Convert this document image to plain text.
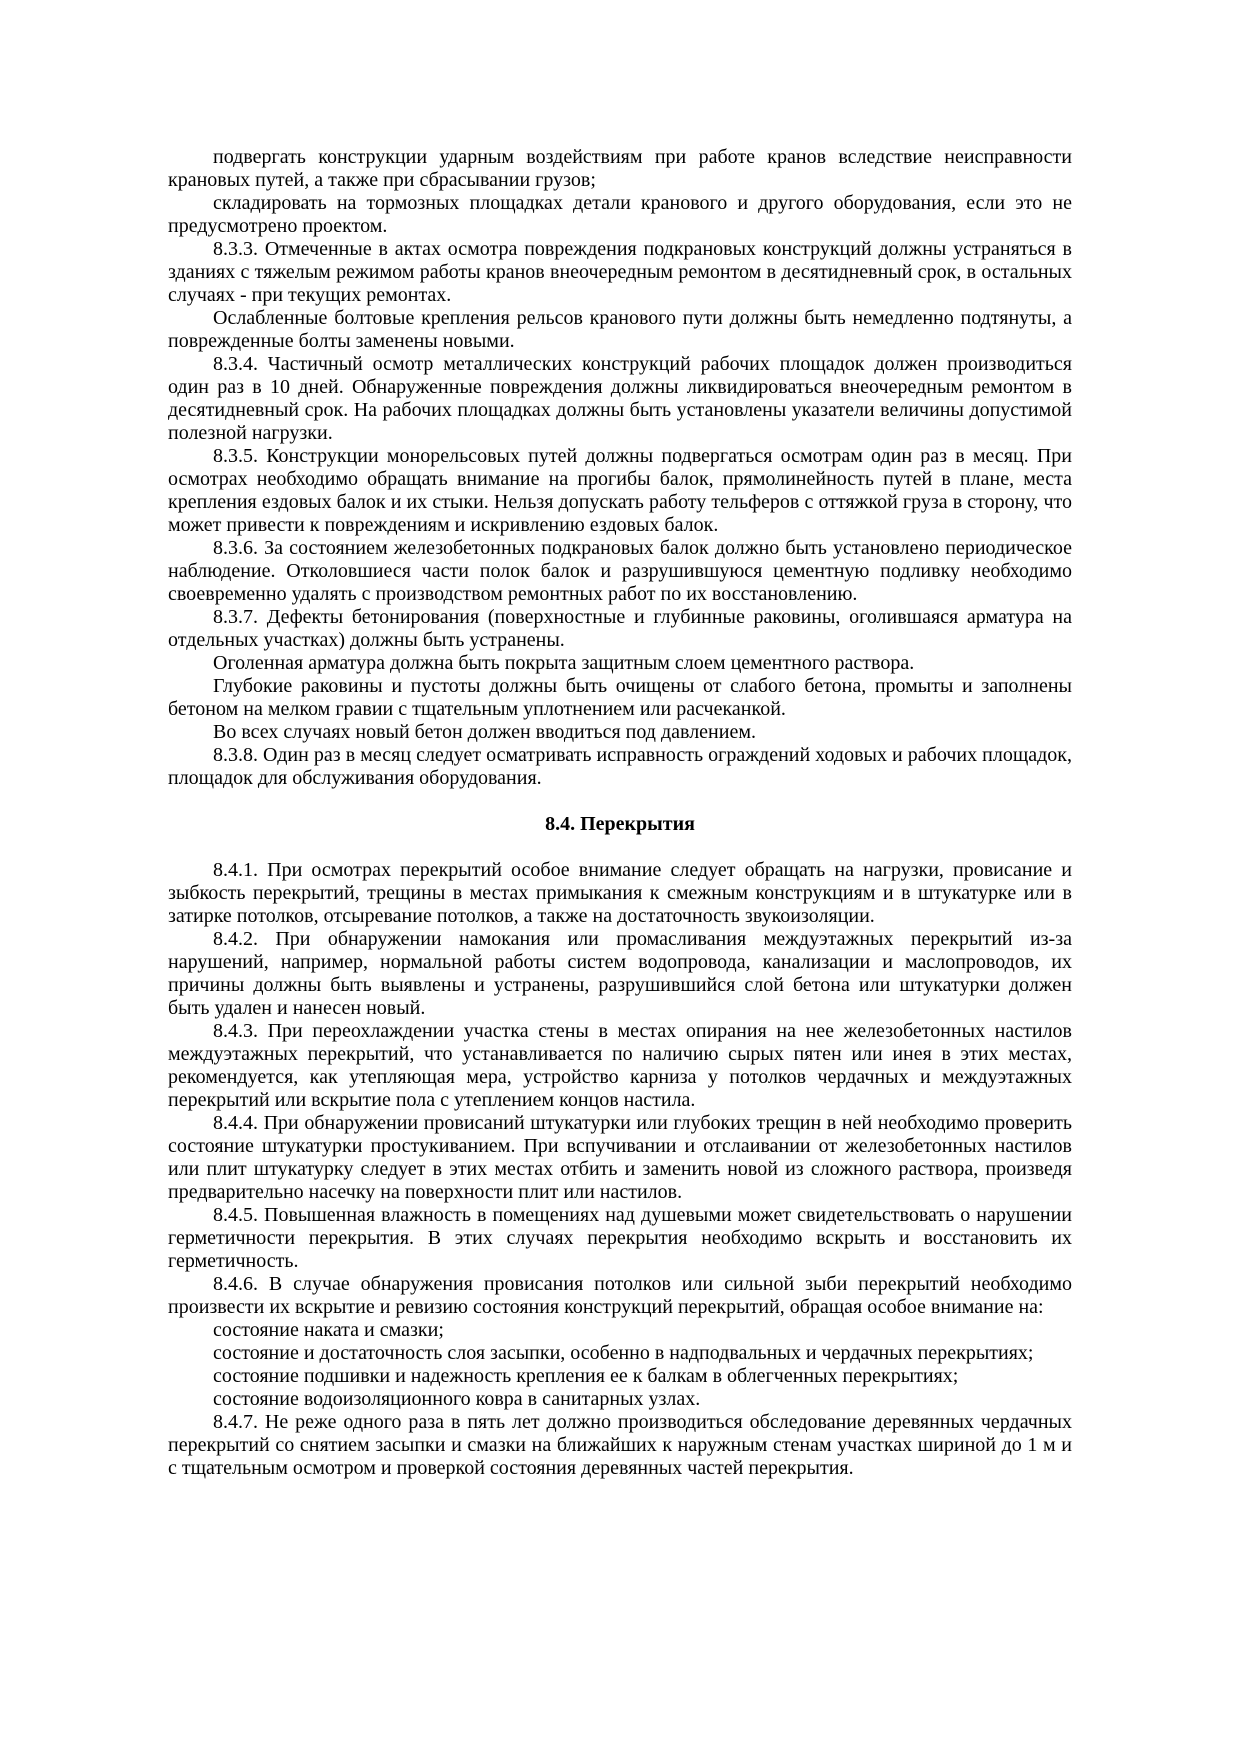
подвергать конструкции ударным воздействиям при работе кранов вследствие неисправности крановых путей, а также при сбрасывании грузов;

складировать на тормозных площадках детали кранового и другого оборудования, если это не предусмотрено проектом.

8.3.3. Отмеченные в актах осмотра повреждения подкрановых конструкций должны устраняться в зданиях с тяжелым режимом работы кранов внеочередным ремонтом в десятидневный срок, в остальных случаях - при текущих ремонтах.

Ослабленные болтовые крепления рельсов кранового пути должны быть немедленно подтянуты, а поврежденные болты заменены новыми.

8.3.4. Частичный осмотр металлических конструкций рабочих площадок должен производиться один раз в 10 дней. Обнаруженные повреждения должны ликвидироваться внеочередным ремонтом в десятидневный срок. На рабочих площадках должны быть установлены указатели величины допустимой полезной нагрузки.

8.3.5. Конструкции монорельсовых путей должны подвергаться осмотрам один раз в месяц. При осмотрах необходимо обращать внимание на прогибы балок, прямолинейность путей в плане, места крепления ездовых балок и их стыки. Нельзя допускать работу тельферов с оттяжкой груза в сторону, что может привести к повреждениям и искривлению ездовых балок.

8.3.6. За состоянием железобетонных подкрановых балок должно быть установлено периодическое наблюдение. Отколовшиеся части полок балок и разрушившуюся цементную подливку необходимо своевременно удалять с производством ремонтных работ по их восстановлению.

8.3.7. Дефекты бетонирования (поверхностные и глубинные раковины, оголившаяся арматура на отдельных участках) должны быть устранены.

Оголенная арматура должна быть покрыта защитным слоем цементного раствора.

Глубокие раковины и пустоты должны быть очищены от слабого бетона, промыты и заполнены бетоном на мелком гравии с тщательным уплотнением или расчеканкой.

Во всех случаях новый бетон должен вводиться под давлением.

8.3.8. Один раз в месяц следует осматривать исправность ограждений ходовых и рабочих площадок, площадок для обслуживания оборудования.

8.4. Перекрытия

8.4.1. При осмотрах перекрытий особое внимание следует обращать на нагрузки, провисание и зыбкость перекрытий, трещины в местах примыкания к смежным конструкциям и в штукатурке или в затирке потолков, отсыревание потолков, а также на достаточность звукоизоляции.

8.4.2. При обнаружении намокания или промасливания междуэтажных перекрытий из-за нарушений, например, нормальной работы систем водопровода, канализации и маслопроводов, их причины должны быть выявлены и устранены, разрушившийся слой бетона или штукатурки должен быть удален и нанесен новый.

8.4.3. При переохлаждении участка стены в местах опирания на нее железобетонных настилов междуэтажных перекрытий, что устанавливается по наличию сырых пятен или инея в этих местах, рекомендуется, как утепляющая мера, устройство карниза у потолков чердачных и междуэтажных перекрытий или вскрытие пола с утеплением концов настила.

8.4.4. При обнаружении провисаний штукатурки или глубоких трещин в ней необходимо проверить состояние штукатурки простукиванием. При вспучивании и отслаивании от железобетонных настилов или плит штукатурку следует в этих местах отбить и заменить новой из сложного раствора, произведя предварительно насечку на поверхности плит или настилов.

8.4.5. Повышенная влажность в помещениях над душевыми может свидетельствовать о нарушении герметичности перекрытия. В этих случаях перекрытия необходимо вскрыть и восстановить их герметичность.

8.4.6. В случае обнаружения провисания потолков или сильной зыби перекрытий необходимо произвести их вскрытие и ревизию состояния конструкций перекрытий, обращая особое внимание на:

состояние наката и смазки;

состояние и достаточность слоя засыпки, особенно в надподвальных и чердачных перекрытиях;

состояние подшивки и надежность крепления ее к балкам в облегченных перекрытиях;

состояние водоизоляционного ковра в санитарных узлах.

8.4.7. Не реже одного раза в пять лет должно производиться обследование деревянных чердачных перекрытий со снятием засыпки и смазки на ближайших к наружным стенам участках шириной до 1 м и с тщательным осмотром и проверкой состояния деревянных частей перекрытия.
